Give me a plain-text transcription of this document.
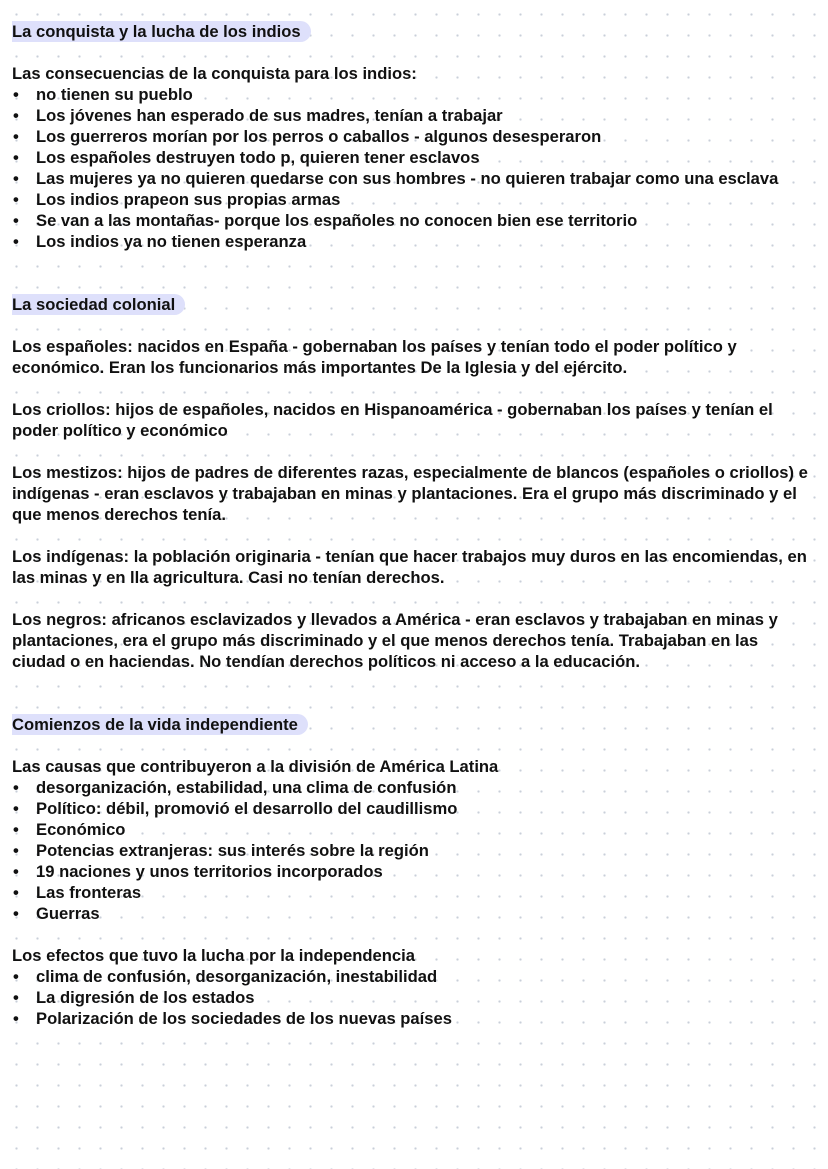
La conquista y la lucha de los indios

Las consecuencias de la conquista para los indios:

• no tienen su pueblo
• Los jóvenes han esperado de sus madres, tenían a trabajar
• Los guerreros morían por los perros o caballos - algunos desesperaron
• Los españoles destruyen todo p, quieren tener esclavos
• Las mujeres ya no quieren quedarse con sus hombres - no quieren trabajar como una esclava
• Los indios prapeon sus propias armas
• Se van a las montañas- porque los españoles no conocen bien ese territorio
• Los indios ya no tienen esperanza
La sociedad colonial

Los españoles: nacidos en España - gobernaban los países y tenían todo el poder político y económico. Eran los funcionarios más importantes De la Iglesia y del ejército.

Los criollos: hijos de españoles, nacidos en Hispanoamérica - gobernaban los países y tenían el poder político y económico

Los mestizos: hijos de padres de diferentes razas, especialmente de blancos (españoles o criollos) e indígenas - eran esclavos y trabajaban en minas y plantaciones. Era el grupo más discriminado y el que menos derechos tenía.

Los indígenas: la población originaria - tenían que hacer trabajos muy duros en las encomiendas, en las minas y en lla agricultura. Casi no tenían derechos.

Los negros: africanos esclavizados y llevados a América - eran esclavos y trabajaban en minas y plantaciones, era el grupo más discriminado y el que menos derechos tenía. Trabajaban en las ciudad o en haciendas. No tendían derechos políticos ni acceso a la educación.

Comienzos de la vida independiente

Las causas que contribuyeron a la división de América Latina

• desorganización, estabilidad, una clima de confusión
• Político: débil, promovió el desarrollo del caudillismo
• Económico
• Potencias extranjeras: sus interés sobre la región
• 19 naciones y unos territorios incorporados
• Las fronteras
• Guerras

Los efectos que tuvo la lucha por la independencia

• clima de confusión, desorganización, inestabilidad
• La digresión de los estados
• Polarización de los sociedades de los nuevas países
